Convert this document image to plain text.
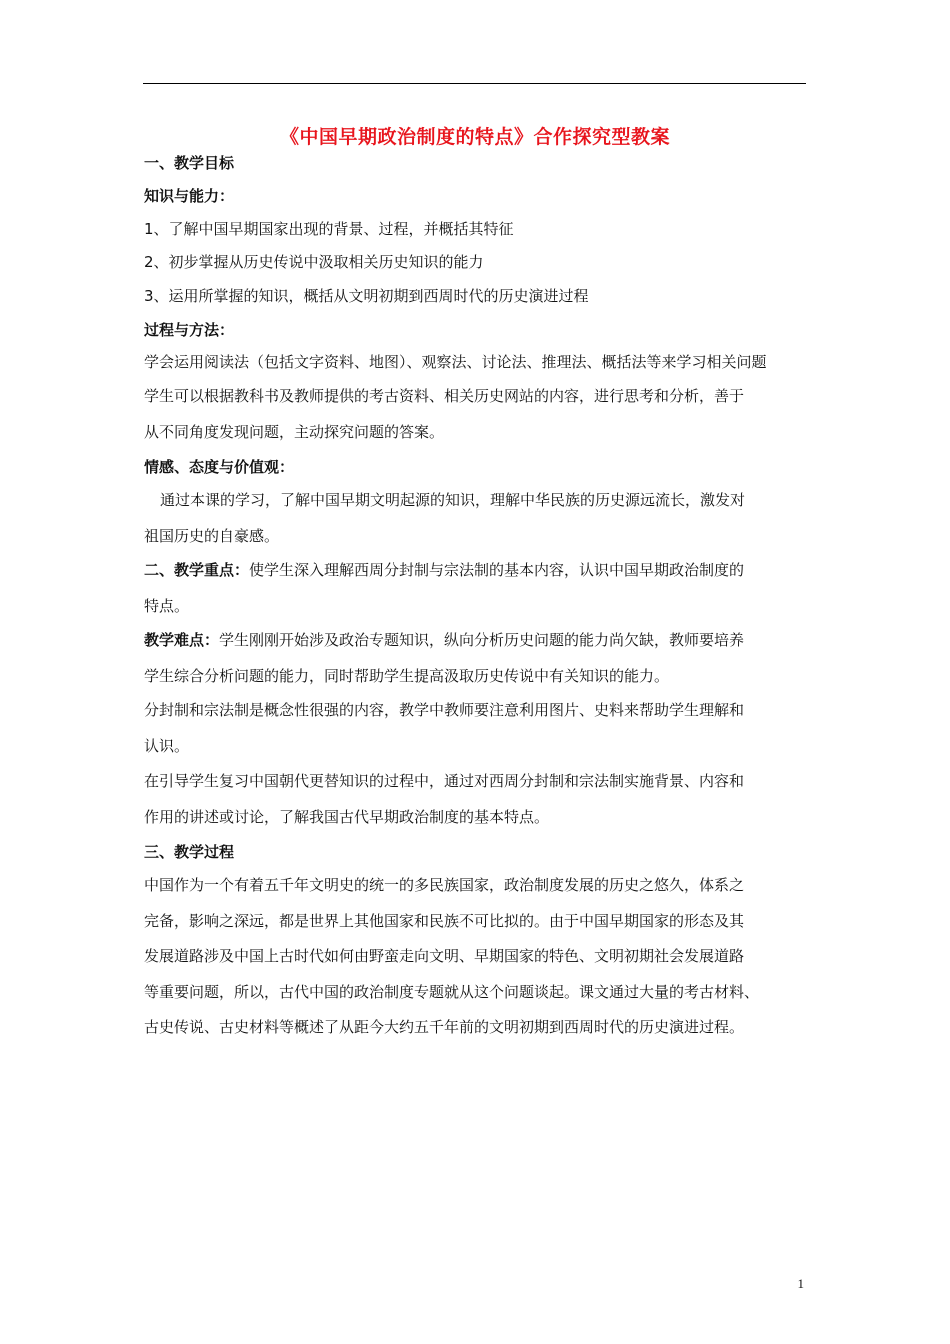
《中国早期政治制度的特点》合作探究型教案
一、教学目标
知识与能力：
1、了解中国早期国家出现的背景、过程，并概括其特征
2、初步掌握从历史传说中汲取相关历史知识的能力
3、运用所掌握的知识，概括从文明初期到西周时代的历史演进过程
过程与方法：
学会运用阅读法（包括文字资料、地图）、观察法、讨论法、推理法、概括法等来学习相关问题
学生可以根据教科书及教师提供的考古资料、相关历史网站的内容，进行思考和分析，善于
从不同角度发现问题，主动探究问题的答案。
情感、态度与价值观：
通过本课的学习，了解中国早期文明起源的知识，理解中华民族的历史源远流长，激发对
祖国历史的自豪感。
二、教学重点：使学生深入理解西周分封制与宗法制的基本内容，认识中国早期政治制度的
特点。
教学难点：学生刚刚开始涉及政治专题知识，纵向分析历史问题的能力尚欠缺，教师要培养
学生综合分析问题的能力，同时帮助学生提高汲取历史传说中有关知识的能力。
分封制和宗法制是概念性很强的内容，教学中教师要注意利用图片、史料来帮助学生理解和
认识。
在引导学生复习中国朝代更替知识的过程中，通过对西周分封制和宗法制实施背景、内容和
作用的讲述或讨论，了解我国古代早期政治制度的基本特点。
三、教学过程
中国作为一个有着五千年文明史的统一的多民族国家，政治制度发展的历史之悠久，体系之
完备，影响之深远，都是世界上其他国家和民族不可比拟的。由于中国早期国家的形态及其
发展道路涉及中国上古时代如何由野蛮走向文明、早期国家的特色、文明初期社会发展道路
等重要问题，所以，古代中国的政治制度专题就从这个问题谈起。课文通过大量的考古材料、
古史传说、古史材料等概述了从距今大约五千年前的文明初期到西周时代的历史演进过程。
1
